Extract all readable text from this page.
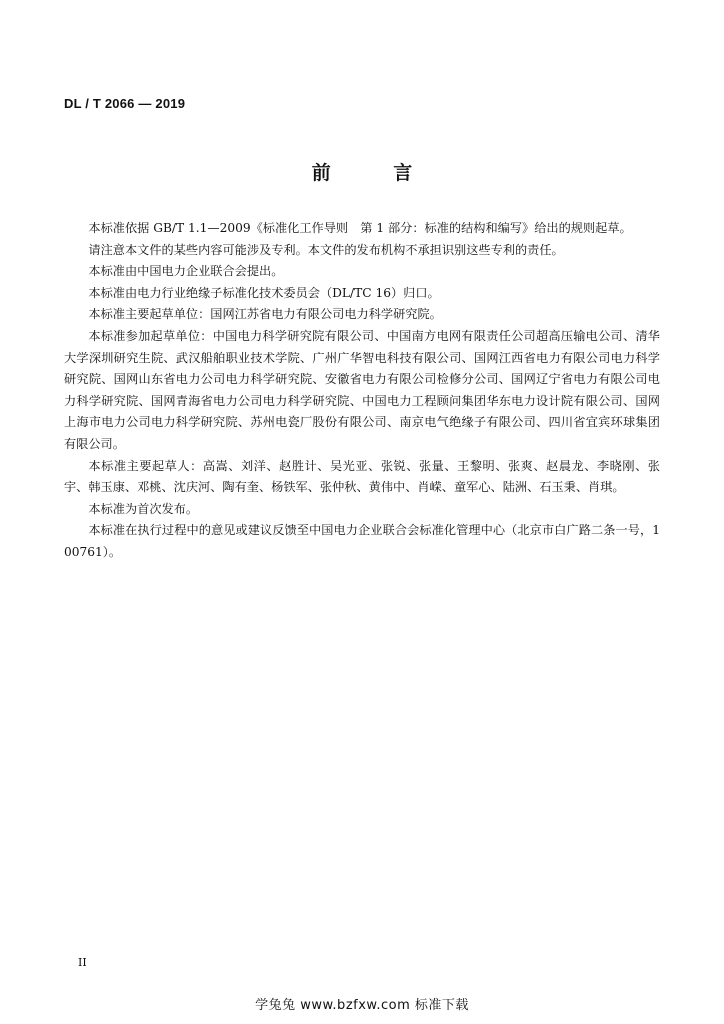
DL / T 2066 — 2019
前 言

本标准依据 GB/T 1.1—2009《标准化工作导则　第 1 部分：标准的结构和编写》给出的规则起草。

请注意本文件的某些内容可能涉及专利。本文件的发布机构不承担识别这些专利的责任。

本标准由中国电力企业联合会提出。

本标准由电力行业绝缘子标准化技术委员会（DL/TC 16）归口。

本标准主要起草单位：国网江苏省电力有限公司电力科学研究院。

本标准参加起草单位：中国电力科学研究院有限公司、中国南方电网有限责任公司超高压输电公司、清华大学深圳研究生院、武汉船舶职业技术学院、广州广华智电科技有限公司、国网江西省电力有限公司电力科学研究院、国网山东省电力公司电力科学研究院、安徽省电力有限公司检修分公司、国网辽宁省电力有限公司电力科学研究院、国网青海省电力公司电力科学研究院、中国电力工程顾问集团华东电力设计院有限公司、国网上海市电力公司电力科学研究院、苏州电瓷厂股份有限公司、南京电气绝缘子有限公司、四川省宜宾环球集团有限公司。

本标准主要起草人：高嵩、刘洋、赵胜计、吴光亚、张锐、张量、王黎明、张爽、赵晨龙、李晓刚、张宇、韩玉康、邓桃、沈庆河、陶有奎、杨铁军、张仲秋、黄伟中、肖嵘、童军心、陆洲、石玉秉、肖琪。

本标准为首次发布。

本标准在执行过程中的意见或建议反馈至中国电力企业联合会标准化管理中心（北京市白广路二条一号，100761）。

II
学兔兔 www.bzfxw.com 标准下载
